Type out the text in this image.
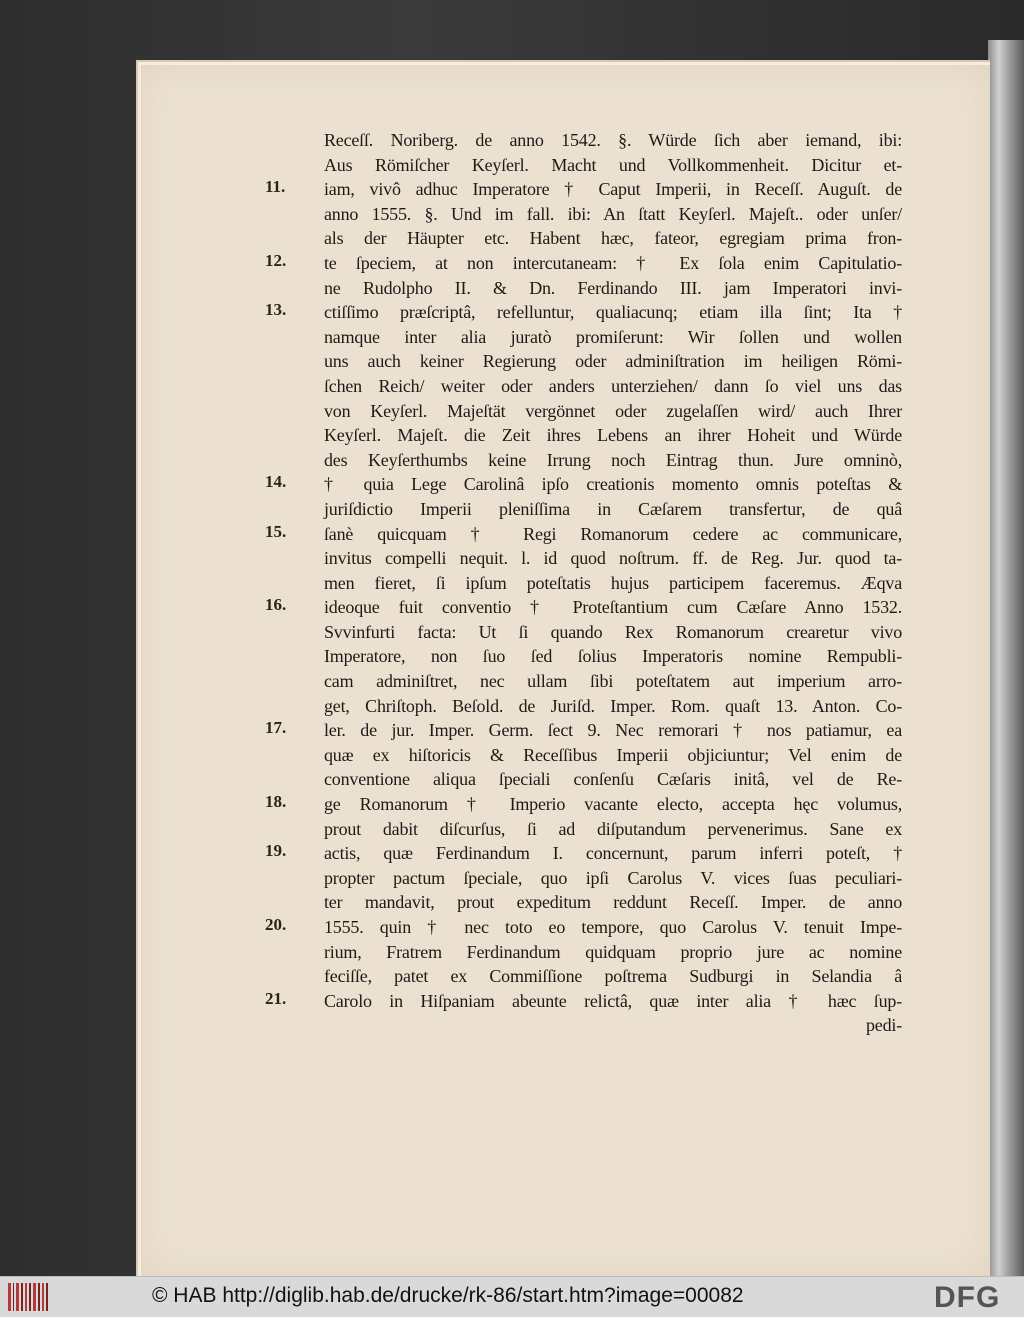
Receſſ. Noriberg. de anno 1542. §. Würde ſich aber iemand, ibi:
Aus Römiſcher Keyſerl. Macht und Vollkommenheit. Dicitur et-
iam, vivô adhuc Imperatore † Caput Imperii, in Receſſ. Auguſt. de
anno 1555. §. Und im fall. ibi: An ſtatt Keyſerl. Majeſt.. oder unſer/
als der Häupter etc. Habent hæc, fateor, egregiam prima fron-
te ſpeciem, at non intercutaneam: † Ex ſola enim Capitulatio-
ne Rudolpho II. & Dn. Ferdinando III. jam Imperatori invi-
ctiſſimo præſcriptâ, refelluntur, qualiacunq; etiam illa ſint; Ita †
namque inter alia juratò promiſerunt: Wir ſollen und wollen
uns auch keiner Regierung oder adminiſtration im heiligen Römi-
ſchen Reich/ weiter oder anders unterziehen/ dann ſo viel uns das
von Keyſerl. Majeſtät vergönnet oder zugelaſſen wird/ auch Ihrer
Keyſerl. Majeſt. die Zeit ihres Lebens an ihrer Hoheit und Würde
des Keyſerthumbs keine Irrung noch Eintrag thun. Jure omninò,
† quia Lege Carolinâ ipſo creationis momento omnis poteſtas &
juriſdictio Imperii pleniſſima in Cæſarem transfertur, de quâ
ſanè quicquam † Regi Romanorum cedere ac communicare,
invitus compelli nequit. l. id quod noſtrum. ff. de Reg. Jur. quod ta-
men fieret, ſi ipſum poteſtatis hujus participem faceremus. Æqva
ideoque fuit conventio † Proteſtantium cum Cæſare Anno 1532.
Svvinfurti facta: Ut ſi quando Rex Romanorum crearetur vivo
Imperatore, non ſuo ſed ſolius Imperatoris nomine Rempubli-
cam adminiſtret, nec ullam ſibi poteſtatem aut imperium arro-
get, Chriſtoph. Beſold. de Juriſd. Imper. Rom. quaſt 13. Anton. Co-
ler. de jur. Imper. Germ. ſect 9. Nec remorari † nos patiamur, ea
quæ ex hiſtoricis & Receſſibus Imperii objiciuntur; Vel enim de
conventione aliqua ſpeciali conſenſu Cæſaris initâ, vel de Re-
ge Romanorum † Imperio vacante electo, accepta hęc volumus,
prout dabit diſcurſus, ſi ad diſputandum pervenerimus. Sane ex
actis, quæ Ferdinandum I. concernunt, parum inferri poteſt, †
propter pactum ſpeciale, quo ipſi Carolus V. vices ſuas peculiari-
ter mandavit, prout expeditum reddunt Receſſ. Imper. de anno
1555. quin † nec toto eo tempore, quo Carolus V. tenuit Impe-
rium, Fratrem Ferdinandum quidquam proprio jure ac nomine
feciſſe, patet ex Commiſſione poſtrema Sudburgi in Selandia â
Carolo in Hiſpaniam abeunte relictâ, quæ inter alia † hæc ſup-
pedi-
11.
12.
13.
14.
15.
16.
17.
18.
19.
20.
21.
© HAB http://diglib.hab.de/drucke/rk-86/start.htm?image=00082	DFG
